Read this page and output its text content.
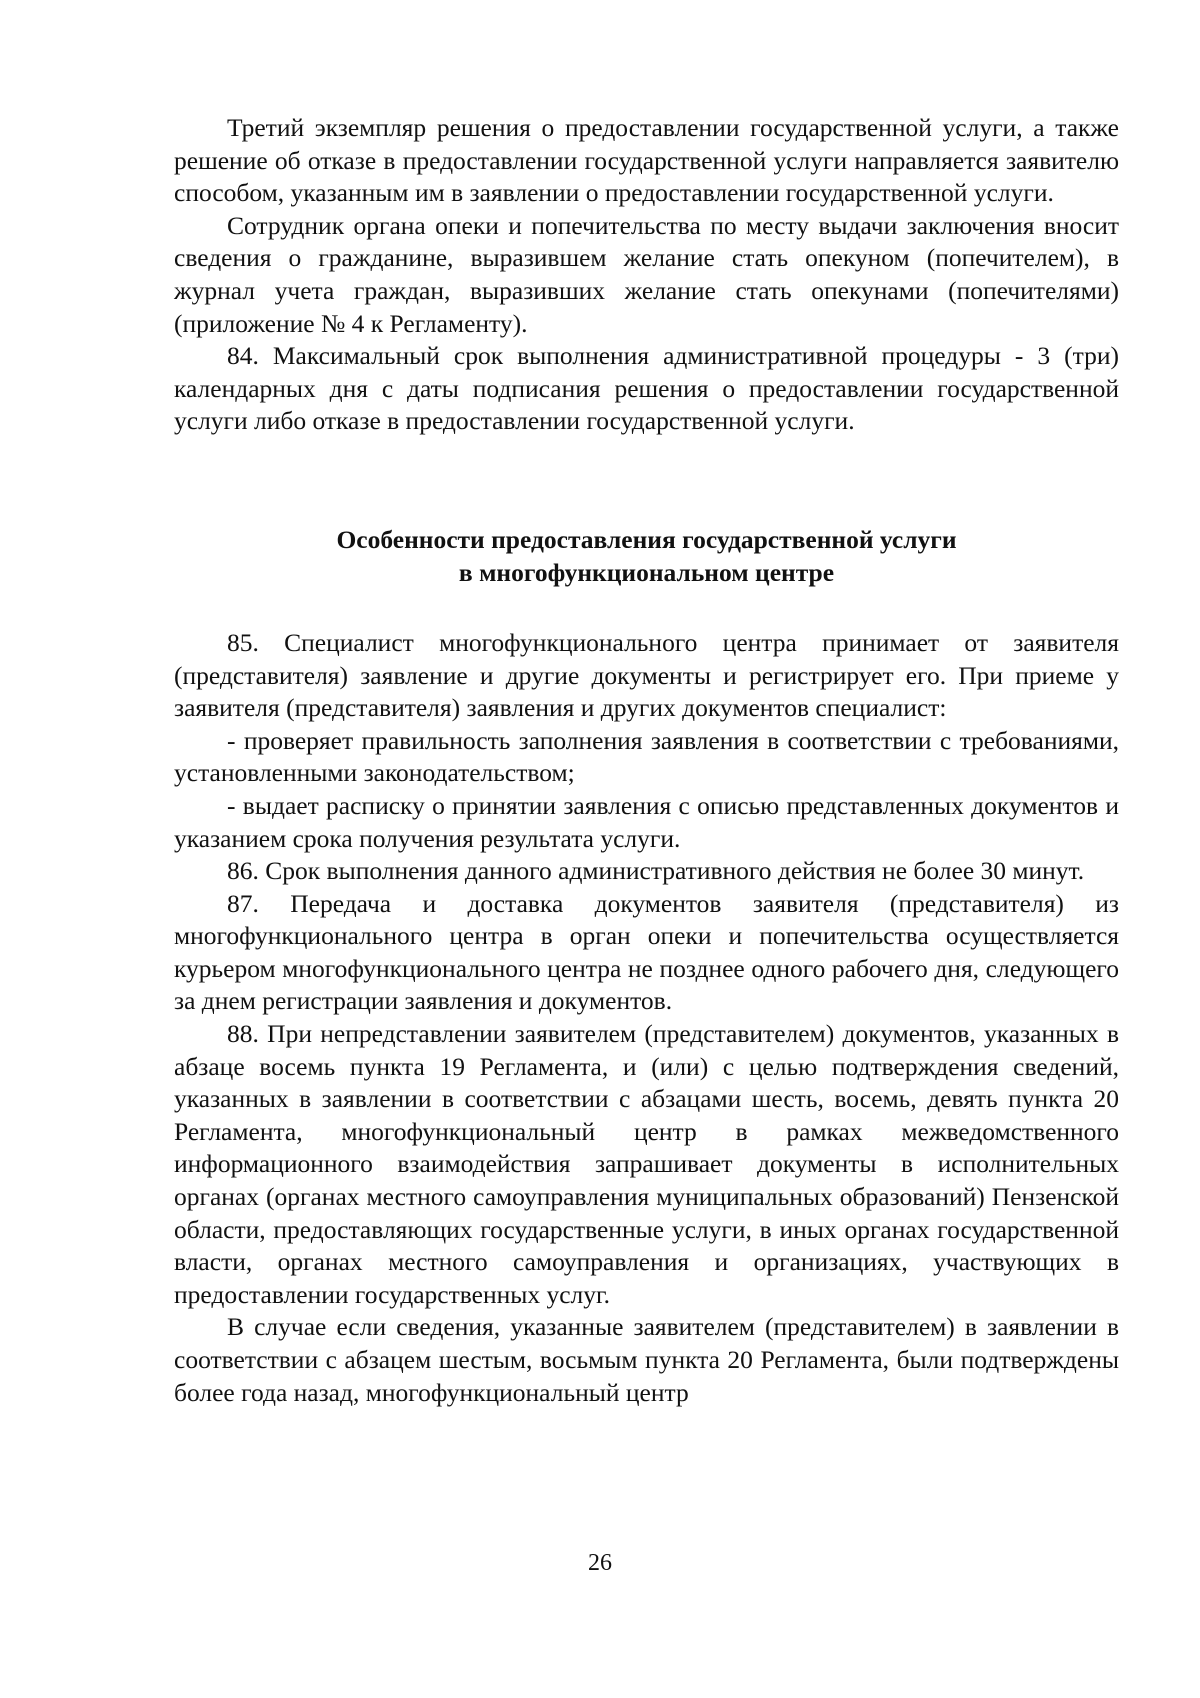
Третий экземпляр решения о предоставлении государственной услуги, а также решение об отказе в предоставлении государственной услуги направляется заявителю способом, указанным им в заявлении о предоставлении государственной услуги.

Сотрудник органа опеки и попечительства по месту выдачи заключения вносит сведения о гражданине, выразившем желание стать опекуном (попечителем), в журнал учета граждан, выразивших желание стать опекунами (попечителями) (приложение № 4 к Регламенту).

84. Максимальный срок выполнения административной процедуры - 3 (три) календарных дня с даты подписания решения о предоставлении государственной услуги либо отказе в предоставлении государственной услуги.

Особенности предоставления государственной услуги
в многофункциональном центре

85. Специалист многофункционального центра принимает от заявителя (представителя) заявление и другие документы и регистрирует его. При приеме у заявителя (представителя) заявления и других документов специалист:

- проверяет правильность заполнения заявления в соответствии с требованиями, установленными законодательством;

- выдает расписку о принятии заявления с описью представленных документов и указанием срока получения результата услуги.

86. Срок выполнения данного административного действия не более 30 минут.

87. Передача и доставка документов заявителя (представителя) из многофункционального центра в орган опеки и попечительства осуществляется курьером многофункционального центра не позднее одного рабочего дня, следующего за днем регистрации заявления и документов.

88. При непредставлении заявителем (представителем) документов, указанных в абзаце восемь пункта 19 Регламента, и (или) с целью подтверждения сведений, указанных в заявлении в соответствии с абзацами шесть, восемь, девять пункта 20 Регламента, многофункциональный центр в рамках межведомственного информационного взаимодействия запрашивает документы в исполнительных органах (органах местного самоуправления муниципальных образований) Пензенской области, предоставляющих государственные услуги, в иных органах государственной власти, органах местного самоуправления и организациях, участвующих в предоставлении государственных услуг.

В случае если сведения, указанные заявителем (представителем) в заявлении в соответствии с абзацем шестым, восьмым пункта 20 Регламента, были подтверждены более года назад, многофункциональный центр

26
